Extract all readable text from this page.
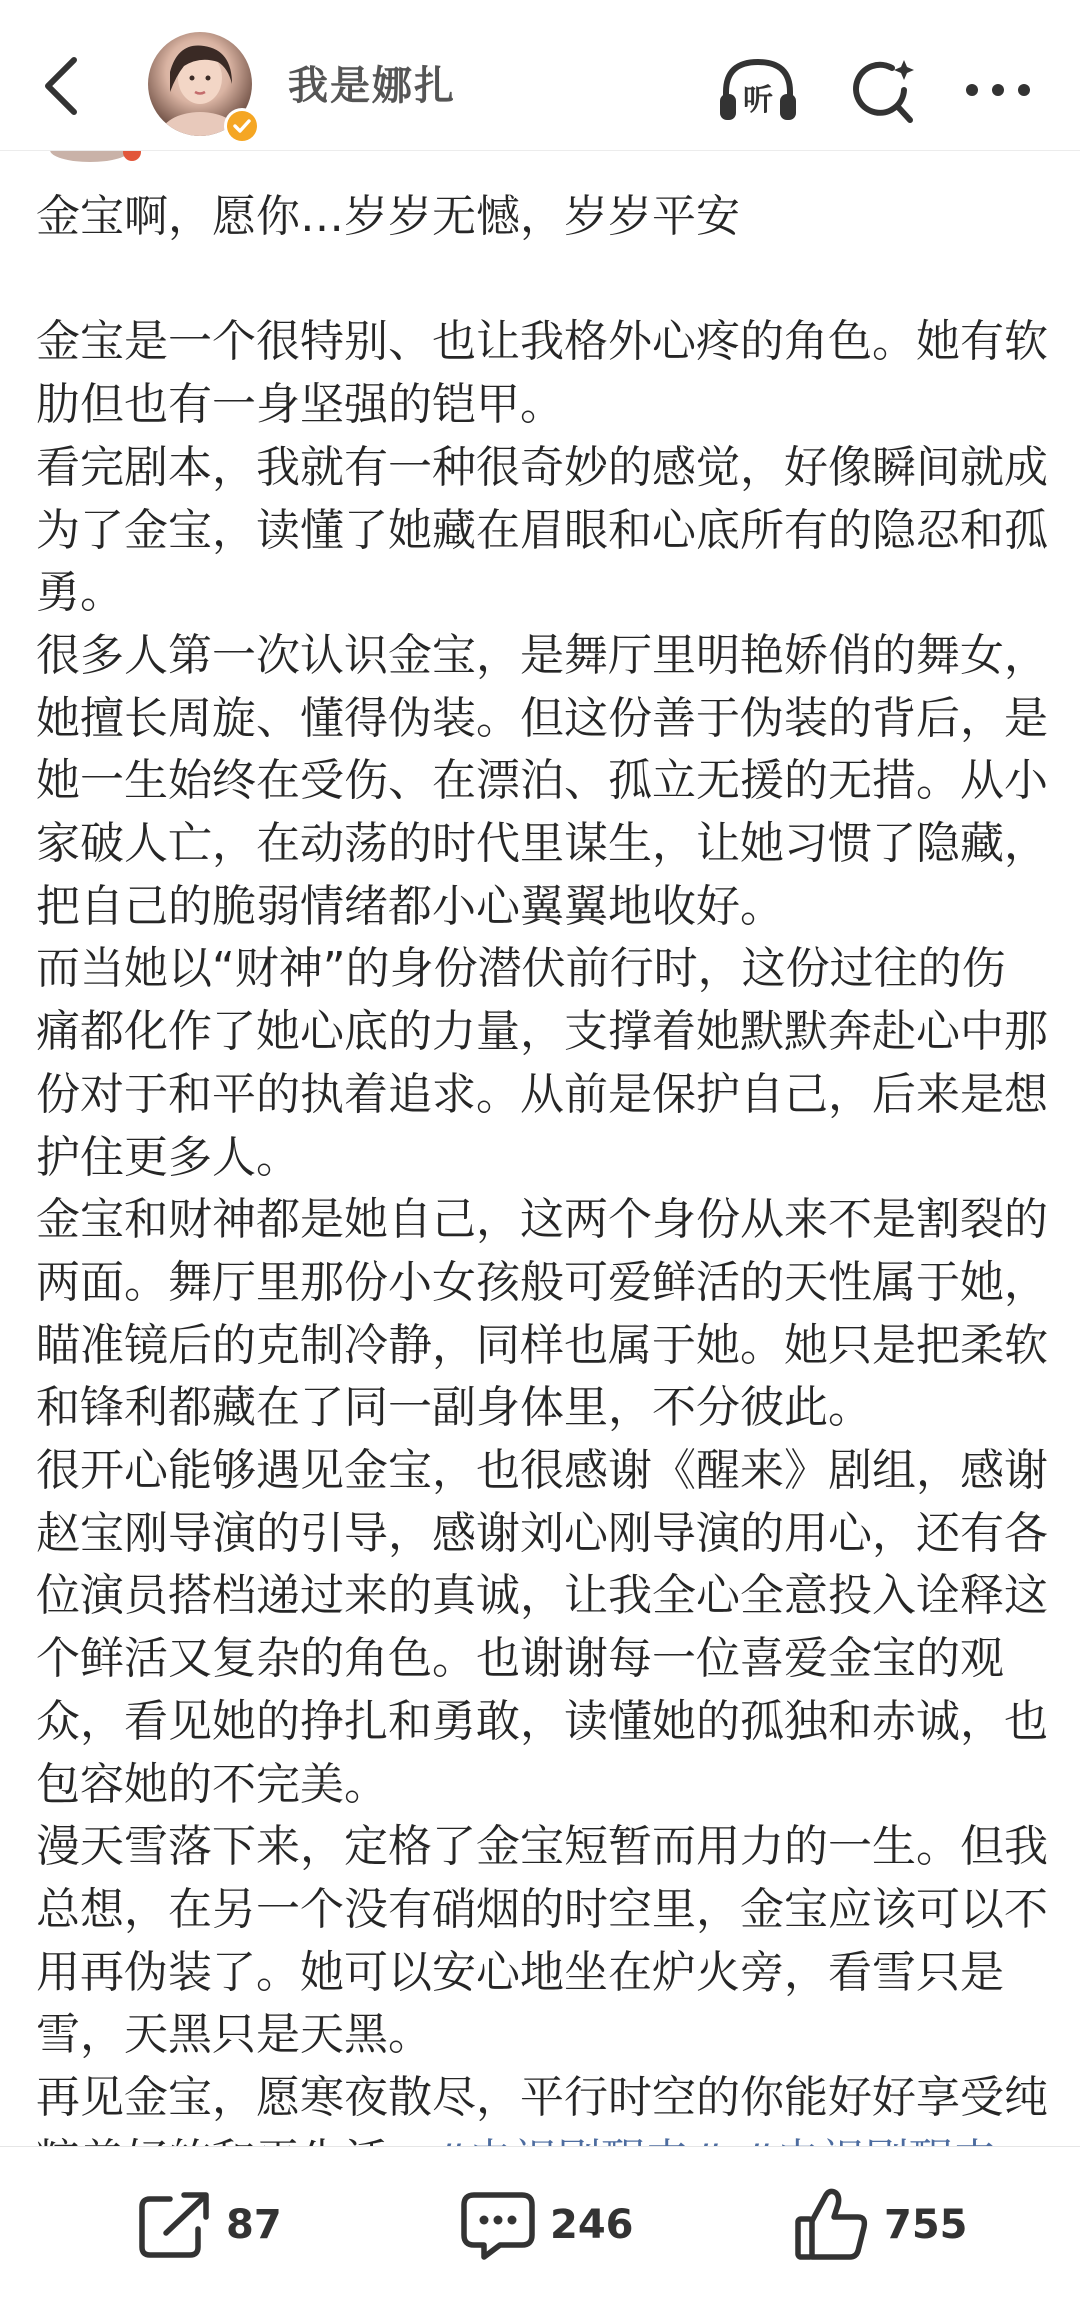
我是娜扎	听

金宝啊，愿你…岁岁无憾，岁岁平安

金宝是一个很特别、也让我格外心疼的角色。她有软肋但也有一身坚强的铠甲。

看完剧本，我就有一种很奇妙的感觉，好像瞬间就成为了金宝，读懂了她藏在眉眼和心底所有的隐忍和孤勇。

很多人第一次认识金宝，是舞厅里明艳娇俏的舞女，她擅长周旋、懂得伪装。但这份善于伪装的背后，是她一生始终在受伤、在漂泊、孤立无援的无措。从小家破人亡，在动荡的时代里谋生，让她习惯了隐藏，把自己的脆弱情绪都小心翼翼地收好。

而当她以“财神”的身份潜伏前行时，这份过往的伤痛都化作了她心底的力量，支撑着她默默奔赴心中那份对于和平的执着追求。从前是保护自己，后来是想护住更多人。

金宝和财神都是她自己，这两个身份从来不是割裂的两面。舞厅里那份小女孩般可爱鲜活的天性属于她，瞄准镜后的克制冷静，同样也属于她。她只是把柔软和锋利都藏在了同一副身体里，不分彼此。

很开心能够遇见金宝，也很感谢《醒来》剧组，感谢赵宝刚导演的引导，感谢刘心刚导演的用心，还有各位演员搭档递过来的真诚，让我全心全意投入诠释这个鲜活又复杂的角色。也谢谢每一位喜爱金宝的观众，看见她的挣扎和勇敢，读懂她的孤独和赤诚，也包容她的不完美。

漫天雪落下来，定格了金宝短暂而用力的一生。但我总想，在另一个没有硝烟的时空里，金宝应该可以不用再伪装了。她可以安心地坐在炉火旁，看雪只是雪，天黑只是天黑。

再见金宝，愿寒夜散尽，平行时空的你能好好享受纯

87	246	755
